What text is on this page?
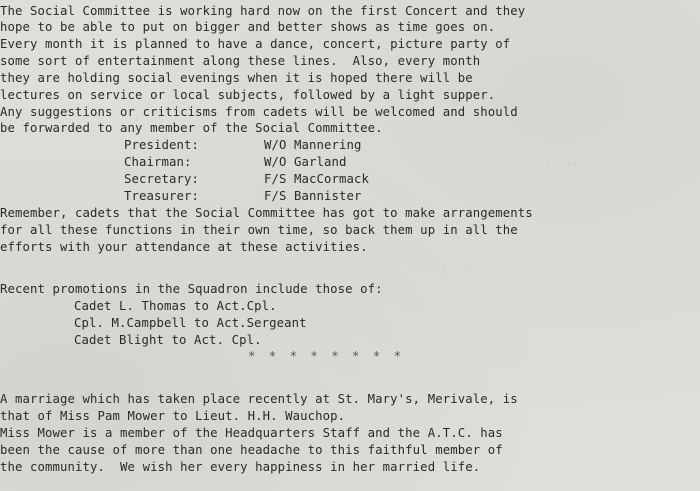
.. . ..     ..
. .  .
.   .  ..
. . .   .
. .   .
The Social Committee is working hard now on the first Concert and they
hope to be able to put on bigger and better shows as time goes on.
Every month it is planned to have a dance, concert, picture party of
some sort of entertainment along these lines.  Also, every month
they are holding social evenings when it is hoped there will be
lectures on service or local subjects, followed by a light supper.
Any suggestions or criticisms from cadets will be welcomed and should
be forwarded to any member of the Social Committee.
President:	W/O Mannering
Chairman:	W/O Garland
Secretary:	F/S MacCormack
Treasurer:	F/S Bannister
Remember, cadets that the Social Committee has got to make arrangements
for all these functions in their own time, so back them up in all the
efforts with your attendance at these activities.
Recent promotions in the Squadron include those of:
Cadet L. Thomas to Act.Cpl.
Cpl. M.Campbell to Act.Sergeant
Cadet Blight to Act. Cpl.
* * * * * * * *
A marriage which has taken place recently at St. Mary's, Merivale, is
that of Miss Pam Mower to Lieut. H.H. Wauchop.
Miss Mower is a member of the Headquarters Staff and the A.T.C. has
been the cause of more than one headache to this faithful member of
the community.  We wish her every happiness in her married life.
